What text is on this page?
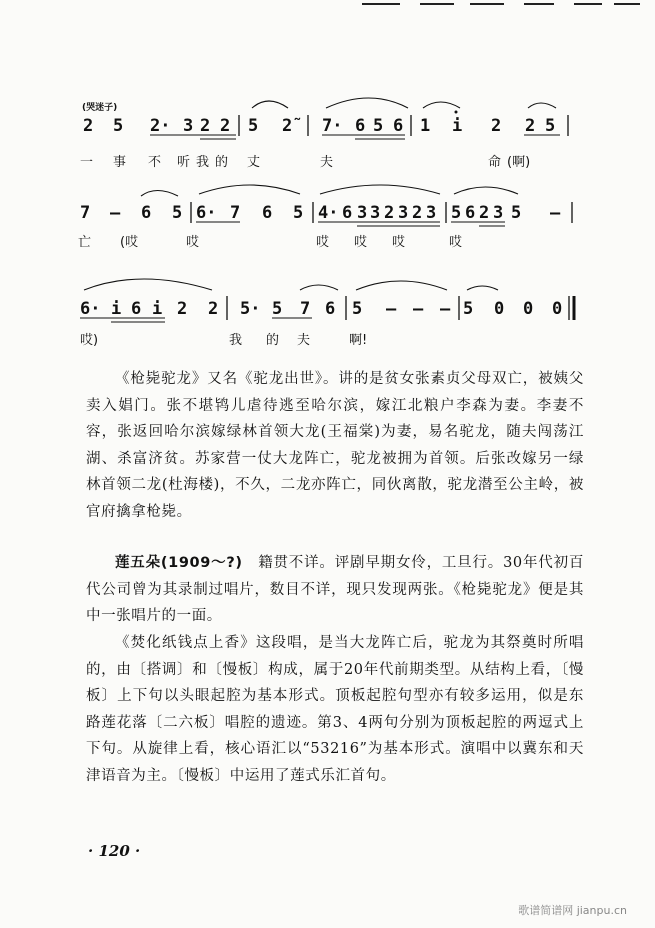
(哭迷子)
2 5 2· 3 2 2 5 2̃	7· 6 5 6 1 i 2 2 5
一 事 不 听 我 的 丈	夫	命 (啊)
7 – 6 5 6· 7 6 5 4· 6 3 3 2 3 2 3 5 6 2 3 5 –
亡 (哎	哎	哎 哎 哎	哎
6· i 6 i 2 2 5· 5 7 6 5 – – – 5 0 0 0
哎)	我 的 夫	啊!

《枪毙驼龙》又名《驼龙出世》。讲的是贫女张素贞父母双亡，被姨父卖入娼门。张不堪鸨儿虐待逃至哈尔滨，嫁江北粮户李森为妻。李妻不容，张返回哈尔滨嫁绿林首领大龙(王福棠)为妻，易名驼龙，随夫闯荡江湖、杀富济贫。苏家营一仗大龙阵亡，驼龙被拥为首领。后张改嫁另一绿林首领二龙(杜海楼)，不久，二龙亦阵亡，同伙离散，驼龙潜至公主岭，被官府擒拿枪毙。

莲五朵(1909～?)　 籍贯不详。评剧早期女伶，工旦行。30年代初百代公司曾为其录制过唱片，数目不详，现只发现两张。《枪毙驼龙》便是其中一张唱片的一面。

《焚化纸钱点上香》这段唱，是当大龙阵亡后，驼龙为其祭奠时所唱的，由〔搭调〕和〔慢板〕构成，属于20年代前期类型。从结构上看，〔慢板〕上下句以头眼起腔为基本形式。顶板起腔句型亦有较多运用，似是东路莲花落〔二六板〕唱腔的遗迹。第3、4两句分别为顶板起腔的两逗式上下句。从旋律上看，核心语汇以“53216”为基本形式。演唱中以冀东和天津语音为主。〔慢板〕中运用了莲式乐汇首句。

· 120 ·
歌谱简谱网 jianpu.cn
